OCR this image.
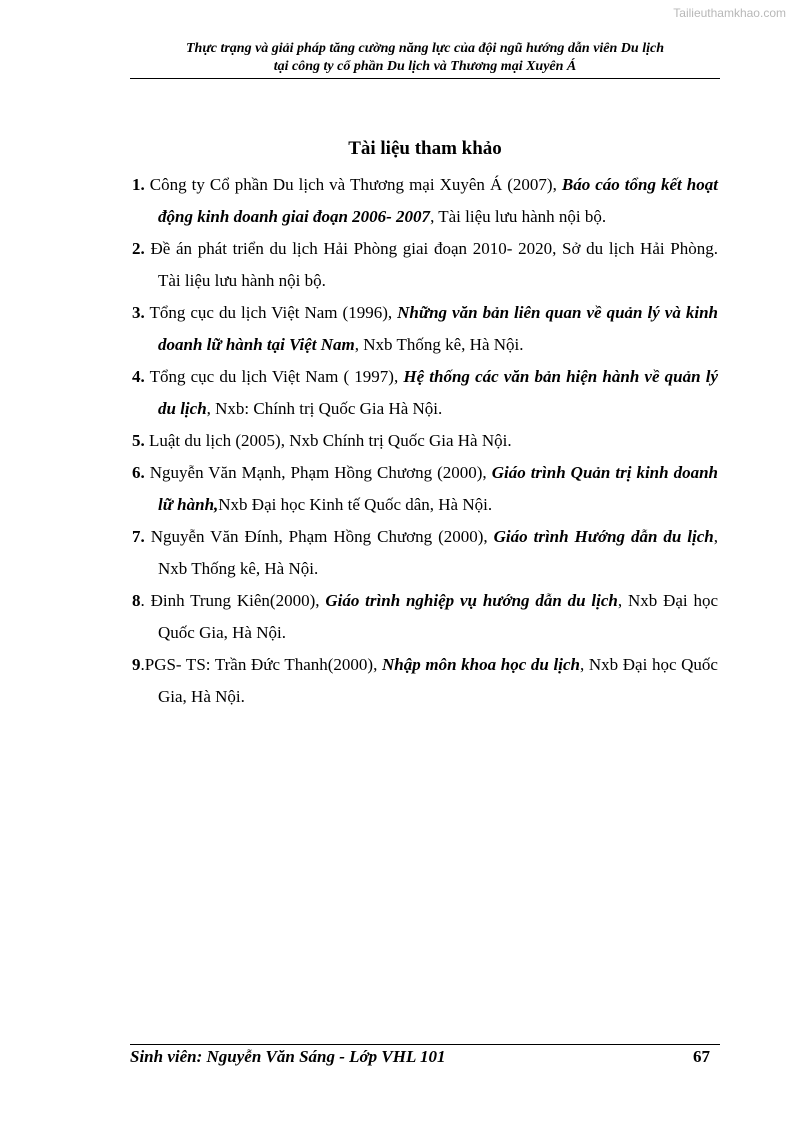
Tailieuthamkhao.com
Thực trạng và giải pháp tăng cường năng lực của đội ngũ hướng dẫn viên Du lịch
tại công ty cổ phần Du lịch và Thương mại Xuyên Á
Tài liệu tham khảo
1. Công ty Cổ phần Du lịch và Thương mại Xuyên Á (2007), Báo cáo tổng kết hoạt động kinh doanh giai đoạn 2006- 2007, Tài liệu lưu hành nội bộ.
2. Đề án phát triển du lịch Hải Phòng giai đoạn 2010- 2020, Sở du lịch Hải Phòng. Tài liệu lưu hành nội bộ.
3. Tổng cục du lịch Việt Nam (1996), Những văn bản liên quan về quản lý và kinh doanh lữ hành tại Việt Nam, Nxb Thống kê, Hà Nội.
4. Tổng cục du lịch Việt Nam ( 1997), Hệ thống các văn bản hiện hành về quản lý du lịch, Nxb: Chính trị Quốc Gia Hà Nội.
5. Luật du lịch (2005), Nxb Chính trị Quốc Gia Hà Nội.
6. Nguyễn Văn Mạnh, Phạm Hồng Chương (2000), Giáo trình Quản trị kinh doanh lữ hành,Nxb Đại học Kinh tế Quốc dân, Hà Nội.
7. Nguyễn Văn Đính, Phạm Hồng Chương (2000), Giáo trình Hướng dẫn du lịch, Nxb Thống kê, Hà Nội.
8. Đinh Trung Kiên(2000), Giáo trình nghiệp vụ hướng dẫn du lịch, Nxb Đại học Quốc Gia, Hà Nội.
9.PGS- TS: Trần Đức Thanh(2000), Nhập môn khoa học du lịch, Nxb Đại học Quốc Gia, Hà Nội.
Sinh viên: Nguyễn Văn Sáng - Lớp VHL 101	67
